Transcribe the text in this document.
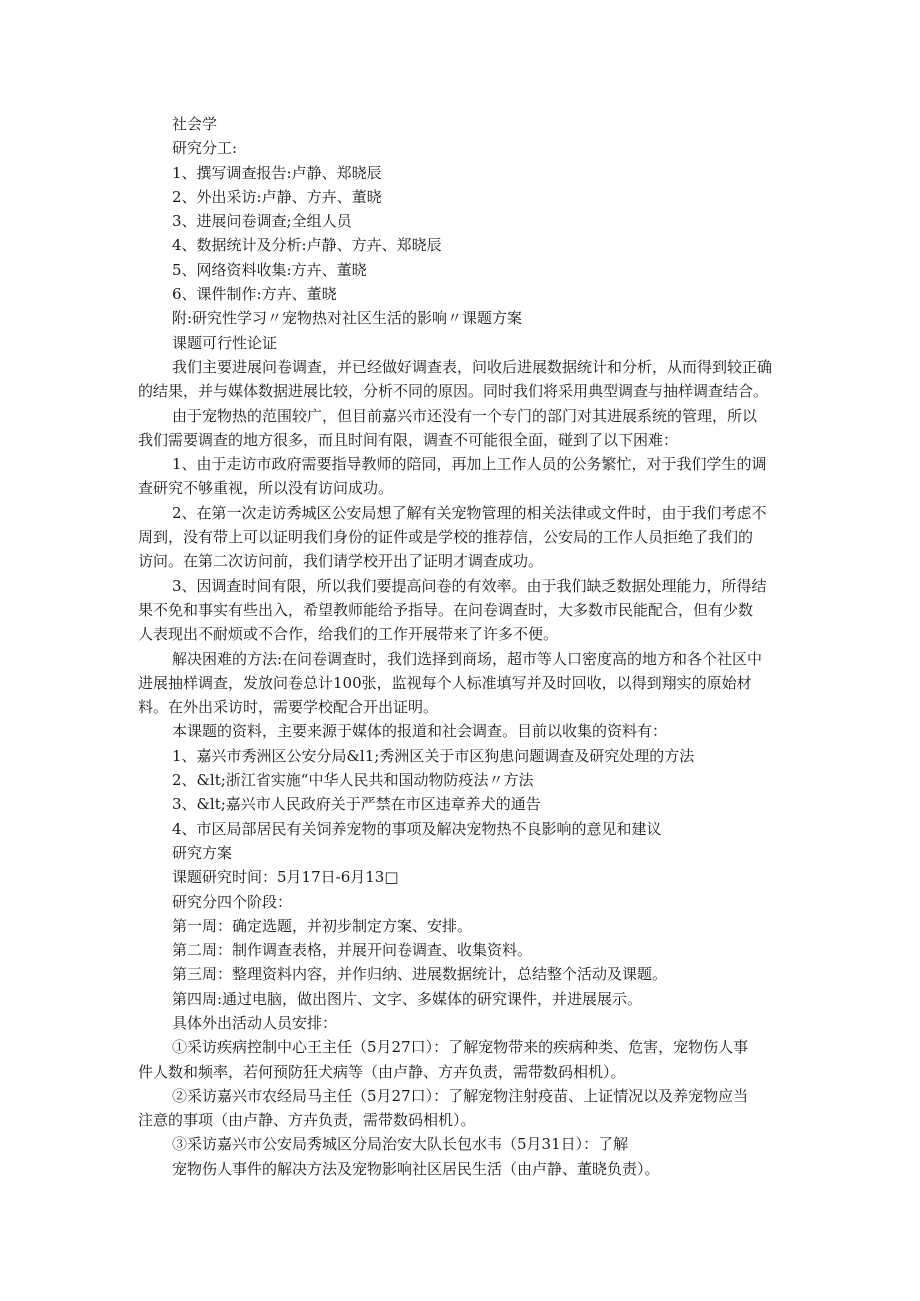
社会学

研究分工:

1、撰写调查报告:卢静、郑晓辰

2、外出采访:卢静、方卉、董晓

3、进展问卷调查;全组人员

4、数据统计及分析:卢静、方卉、郑晓辰

5、网络资料收集:方卉、董晓

6、课件制作:方卉、董晓

附:研究性学习〃宠物热对社区生活的影响〃课题方案

课题可行性论证

我们主要进展问卷调查，并已经做好调查表，问收后进展数据统计和分析，从而得到较正确

的结果，并与媒体数据进展比较，分析不同的原因。同时我们将采用典型调查与抽样调查结合。

由于宠物热的范围较广，但目前嘉兴市还没有一个专门的部门对其进展系统的管理，所以

我们需要调查的地方很多，而且时间有限，调查不可能很全面，碰到了以下困难：

1、由于走访市政府需要指导教师的陪同，再加上工作人员的公务繁忙，对于我们学生的调

查研究不够重视，所以没有访问成功。

2、在第一次走访秀城区公安局想了解有关宠物管理的相关法律或文件时，由于我们考虑不

周到，没有带上可以证明我们身份的证件或是学校的推荐信，公安局的工作人员拒绝了我们的

访问。在第二次访问前，我们请学校开出了证明才调查成功。

3、因调查时间有限，所以我们要提高问卷的有效率。由于我们缺乏数据处理能力，所得结

果不免和事实有些出入，希望教师能给予指导。在问卷调查时，大多数市民能配合，但有少数

人表现出不耐烦或不合作，给我们的工作开展带来了许多不便。

解决困难的方法:在问卷调查时，我们选择到商场，超市等人口密度高的地方和各个社区中

进展抽样调查，发放问卷总计100张，监视每个人标准填写并及时回收，以得到翔实的原始材

料。在外出采访时，需要学校配合开出证明。

本课题的资料，主要来源于媒体的报道和社会调查。目前以收集的资料有：

1、嘉兴市秀洲区公安分局&l1;秀洲区关于市区狗患问题调查及研究处理的方法

2、&lt;浙江省实施“中华人民共和国动物防疫法〃方法

3、&lt;嘉兴市人民政府关于严禁在市区违章养犬的通告

4、市区局部居民有关饲养宠物的事项及解决宠物热不良影响的意见和建议

研究方案

课题研究时间：5月17日-6月13□

研究分四个阶段：

第一周：确定选题，并初步制定方案、安排。

第二周：制作调查表格，并展开问卷调查、收集资料。

第三周：整理资料内容，并作归纳、进展数据统计，总结整个活动及课题。

第四周:通过电脑，做出图片、文字、多媒体的研究课件，并进展展示。

具体外出活动人员安排：

①采访疾病控制中心王主任（5月27口）：了解宠物带来的疾病种类、危害，宠物伤人事

件人数和频率，若何预防狂犬病等（由卢静、方卉负责，需带数码相机）。

②采访嘉兴市农经局马主任（5月27口）：了解宠物注射疫苗、上证情况以及养宠物应当

注意的事项（由卢静、方卉负责，需带数码相机）。

③采访嘉兴市公安局秀城区分局治安大队长包水韦（5月31日）：了解

宠物伤人事件的解决方法及宠物影响社区居民生活（由卢静、董晓负责）。
